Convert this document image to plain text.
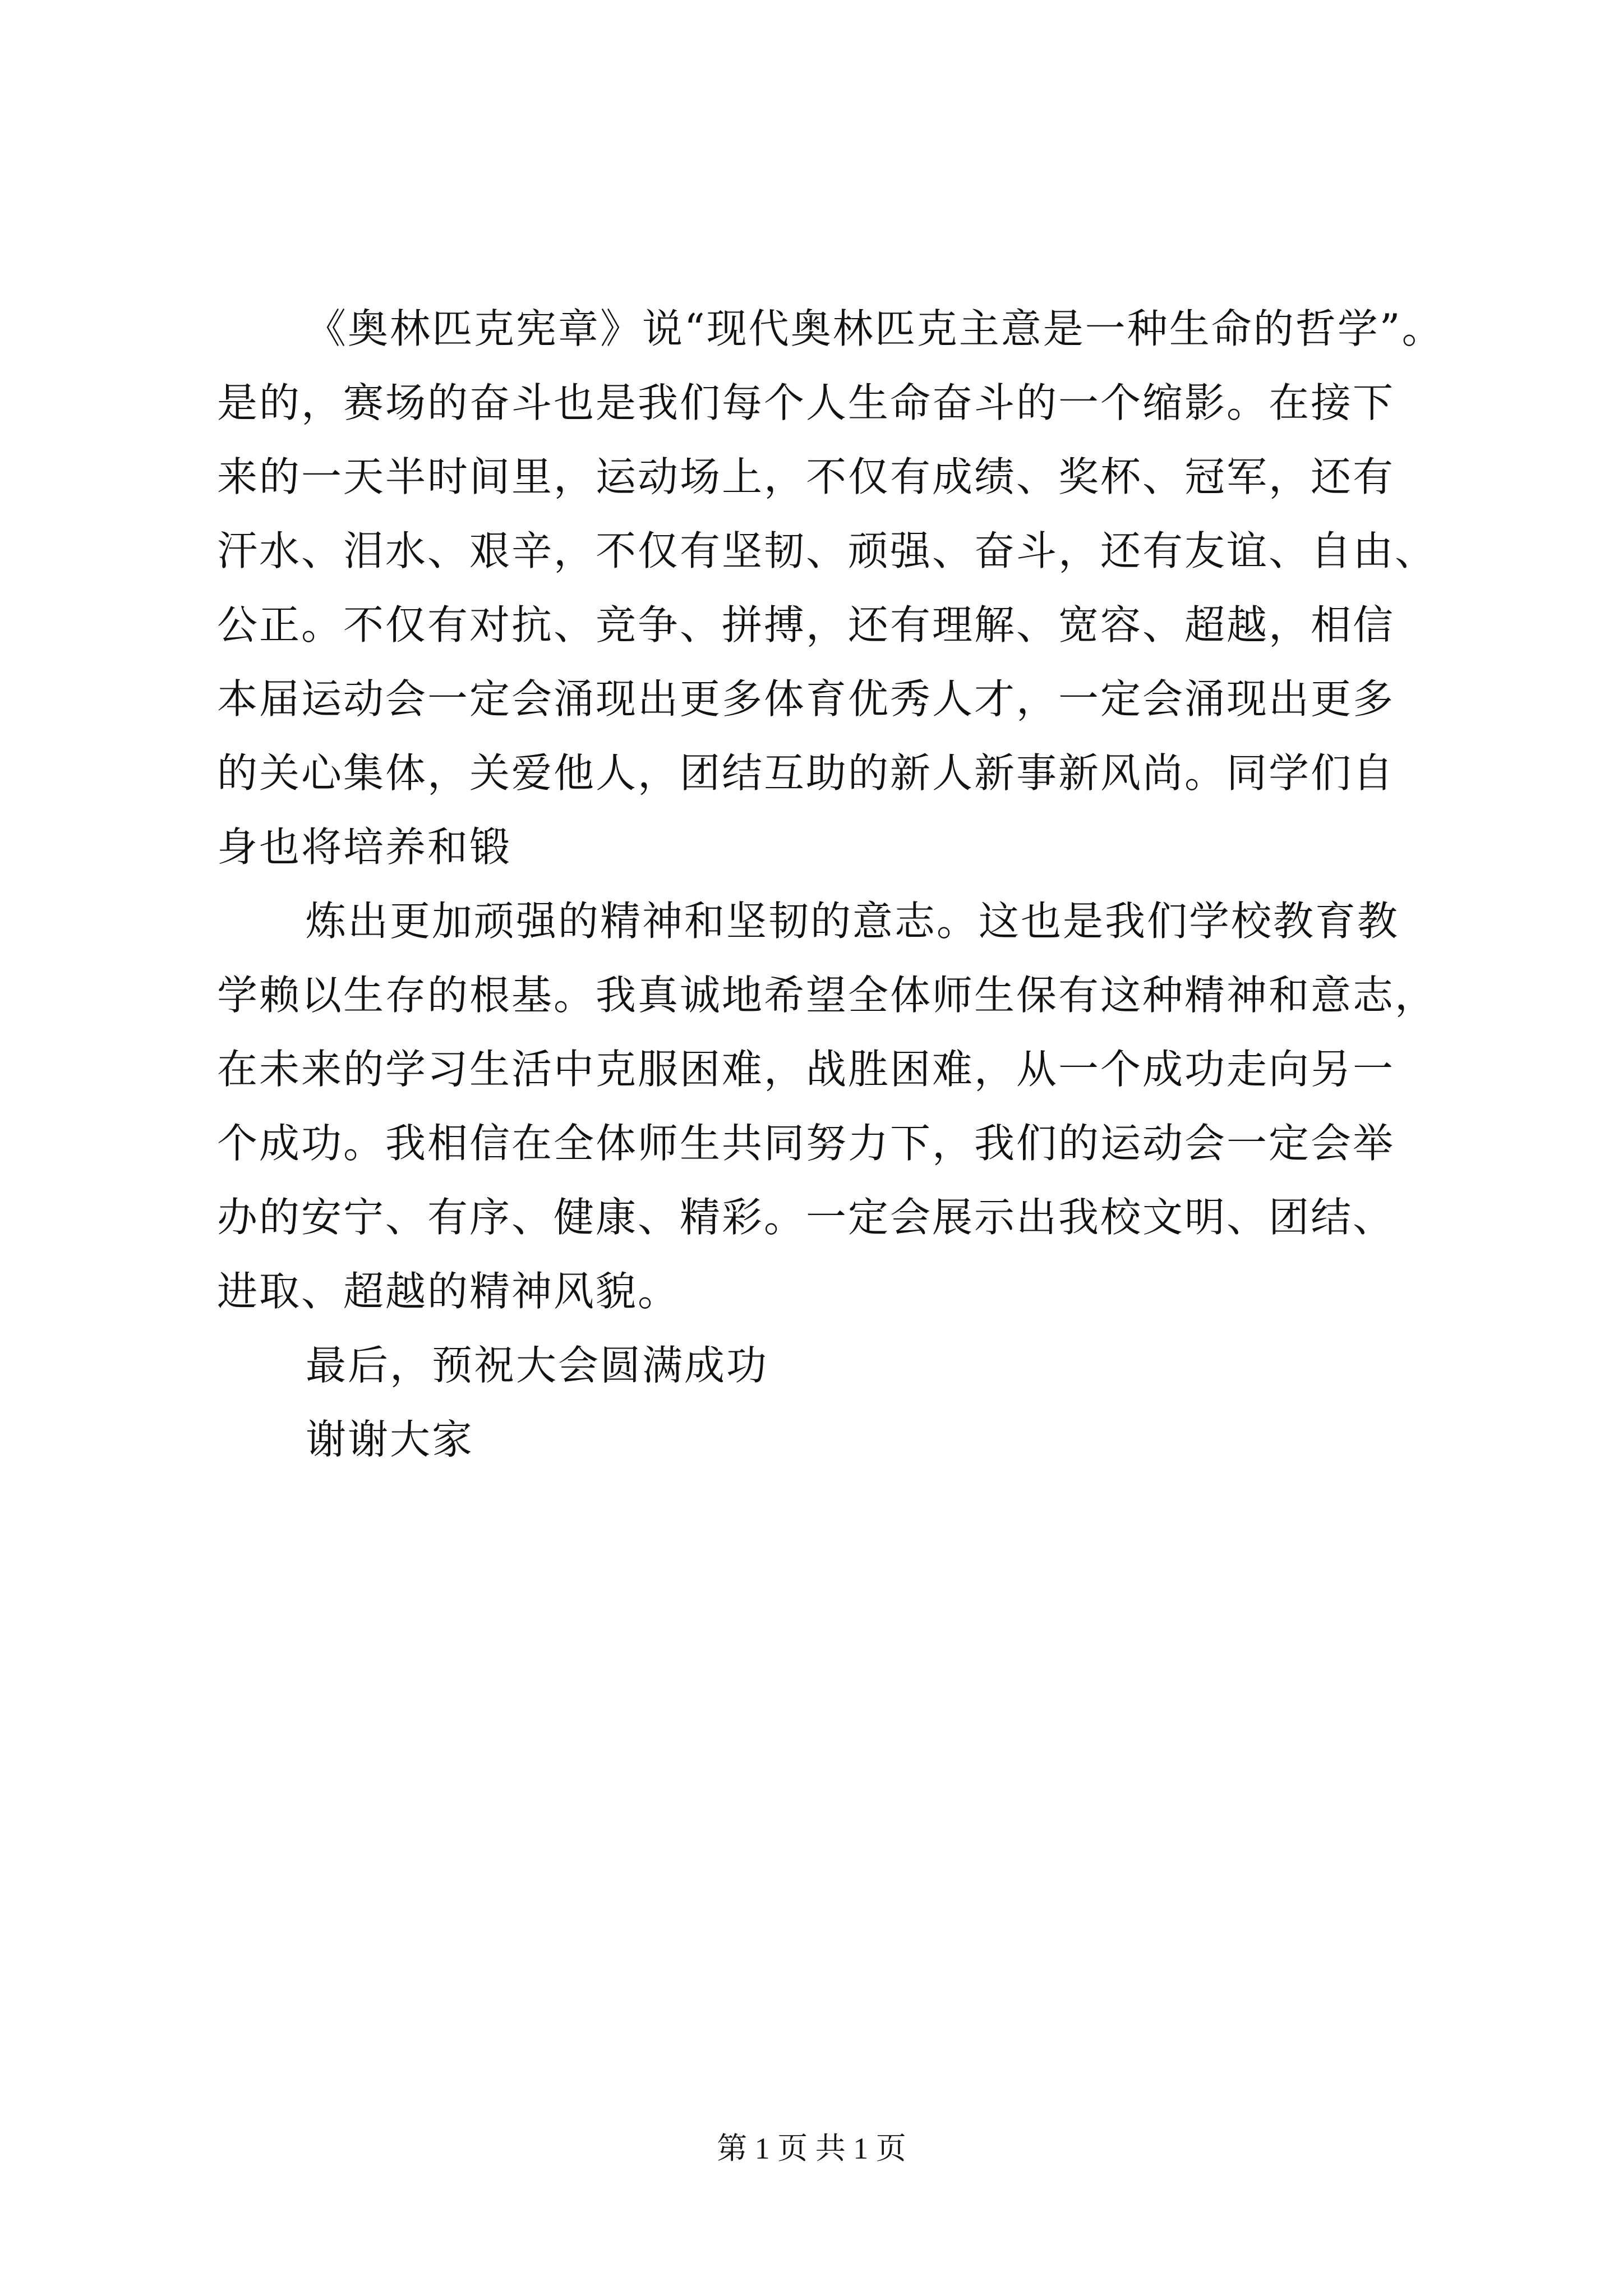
《奥林匹克宪章》说“现代奥林匹克主意是一种生命的哲学”。
是的，赛场的奋斗也是我们每个人生命奋斗的一个缩影。在接下
来的一天半时间里，运动场上，不仅有成绩、奖杯、冠军，还有
汗水、泪水、艰辛，不仅有坚韧、顽强、奋斗，还有友谊、自由、
公正。不仅有对抗、竞争、拼搏，还有理解、宽容、超越，相信
本届运动会一定会涌现出更多体育优秀人才，一定会涌现出更多
的关心集体，关爱他人，团结互助的新人新事新风尚。同学们自
身也将培养和锻
炼出更加顽强的精神和坚韧的意志。这也是我们学校教育教
学赖以生存的根基。我真诚地希望全体师生保有这种精神和意志，
在未来的学习生活中克服困难，战胜困难，从一个成功走向另一
个成功。我相信在全体师生共同努力下，我们的运动会一定会举
办的安宁、有序、健康、精彩。一定会展示出我校文明、团结、
进取、超越的精神风貌。
最后，预祝大会圆满成功
谢谢大家
第 1 页 共 1 页
